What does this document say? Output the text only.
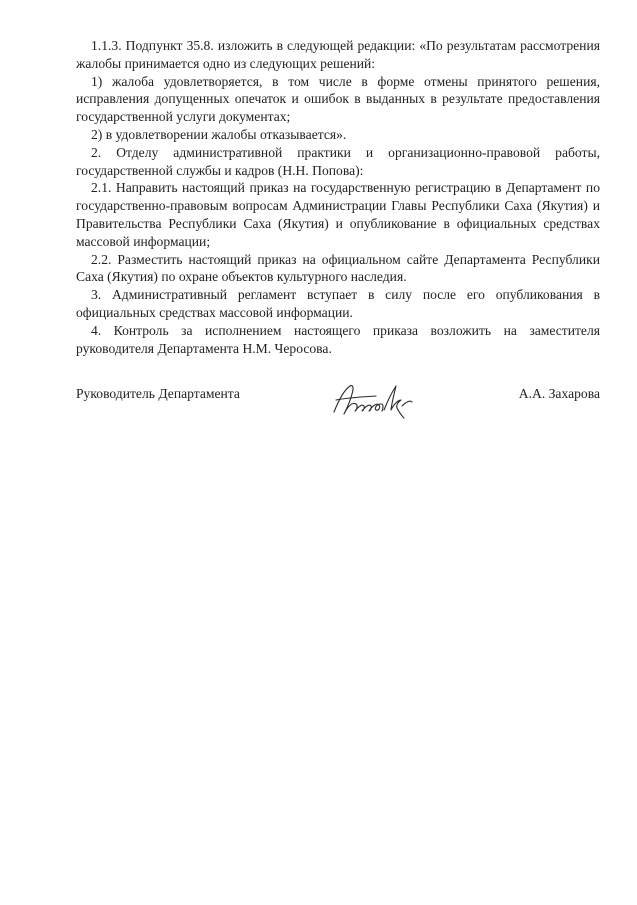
1.1.3. Подпункт 35.8. изложить в следующей редакции: «По результатам рассмотрения жалобы принимается одно из следующих решений:

1) жалоба удовлетворяется, в том числе в форме отмены принятого решения, исправления допущенных опечаток и ошибок в выданных в результате предоставления государственной услуги документах;

2) в удовлетворении жалобы отказывается».

2. Отделу административной практики и организационно-правовой работы, государственной службы и кадров (Н.Н. Попова):

2.1. Направить настоящий приказ на государственную регистрацию в Департамент по государственно-правовым вопросам Администрации Главы Республики Саха (Якутия) и Правительства Республики Саха (Якутия) и опубликование в официальных средствах массовой информации;

2.2. Разместить настоящий приказ на официальном сайте Департамента Республики Саха (Якутия) по охране объектов культурного наследия.

3. Административный регламент вступает в силу после его опубликования в официальных средствах массовой информации.

4. Контроль за исполнением настоящего приказа возложить на заместителя руководителя Департамента Н.М. Черосова.

Руководитель Департамента	А.А. Захарова
